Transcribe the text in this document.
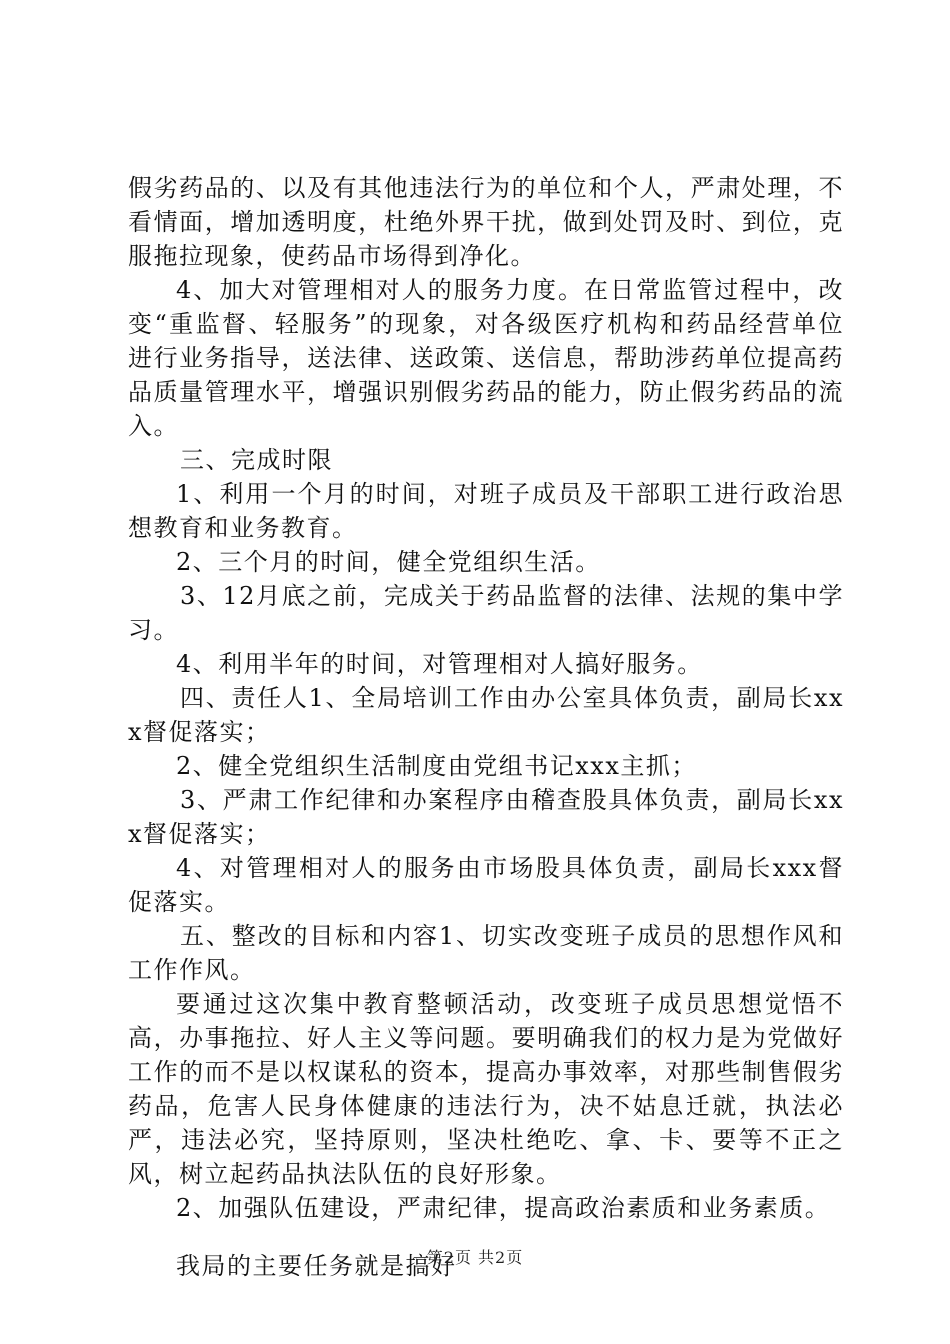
假劣药品的、以及有其他违法行为的单位和个人，严肃处理，不看情面，增加透明度，杜绝外界干扰，做到处罚及时、到位，克服拖拉现象，使药品市场得到净化。

4、加大对管理相对人的服务力度。在日常监管过程中，改变“重监督、轻服务”的现象，对各级医疗机构和药品经营单位进行业务指导，送法律、送政策、送信息，帮助涉药单位提高药品质量管理水平，增强识别假劣药品的能力，防止假劣药品的流入。

三、完成时限

1、利用一个月的时间，对班子成员及干部职工进行政治思想教育和业务教育。

2、三个月的时间，健全党组织生活。

3、12月底之前，完成关于药品监督的法律、法规的集中学习。

4、利用半年的时间，对管理相对人搞好服务。

四、责任人1、全局培训工作由办公室具体负责，副局长xxx督促落实；

2、健全党组织生活制度由党组书记xxx主抓；

3、严肃工作纪律和办案程序由稽查股具体负责，副局长xxx督促落实；

4、对管理相对人的服务由市场股具体负责，副局长xxx督促落实。

五、整改的目标和内容1、切实改变班子成员的思想作风和工作作风。

要通过这次集中教育整顿活动，改变班子成员思想觉悟不高，办事拖拉、好人主义等问题。要明确我们的权力是为党做好工作的而不是以权谋私的资本，提高办事效率，对那些制售假劣药品，危害人民身体健康的违法行为，决不姑息迁就，执法必严，违法必究，坚持原则，坚决杜绝吃、拿、卡、要等不正之风，树立起药品执法队伍的良好形象。

2、加强队伍建设，严肃纪律，提高政治素质和业务素质。

我局的主要任务就是搞好

第2页 共2页
